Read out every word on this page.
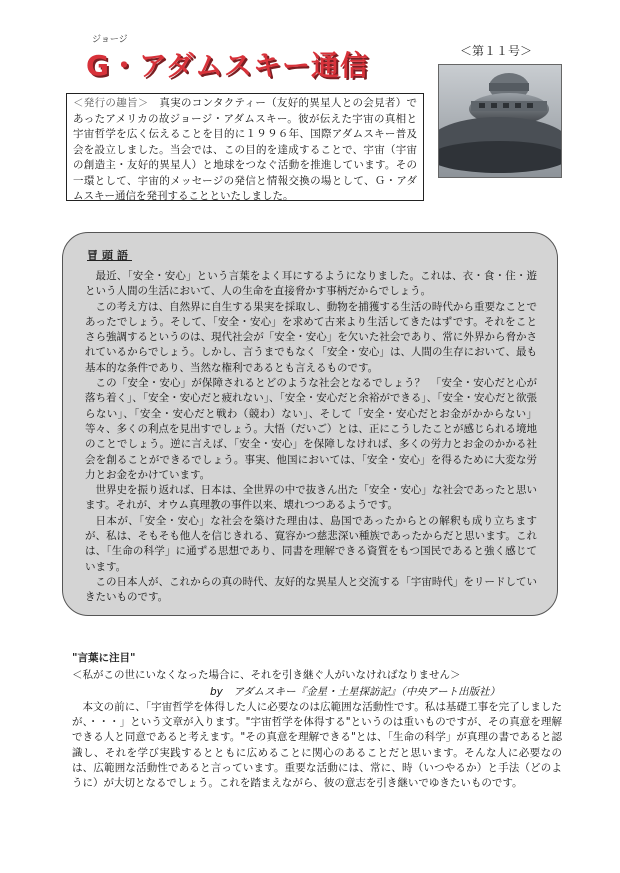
ジョージ
G・アダムスキー通信	＜第１１号＞
＜発行の趣旨＞　真実のコンタクティー（友好的異星人との会見者）であったアメリカの故ジョージ・アダムスキー。彼が伝えた宇宙の真相と宇宙哲学を広く伝えることを目的に１９９６年、国際アダムスキー普及会を設立しました。当会では、この目的を達成することで、宇宙（宇宙の創造主・友好的異星人）と地球をつなぐ活動を推進しています。その一環として、宇宙的メッセージの発信と情報交換の場として、Ｇ・アダムスキー通信を発刊することといたしました。
冒頭語

最近、「安全・安心」という言葉をよく耳にするようになりました。これは、衣・食・住・遊という人間の生活において、人の生命を直接脅かす事柄だからでしょう。

この考え方は、自然界に自生する果実を採取し、動物を捕獲する生活の時代から重要なことであったでしょう。そして、「安全・安心」を求めて古来より生活してきたはずです。それをことさら強調するというのは、現代社会が「安全・安心」を欠いた社会であり、常に外界から脅かされているからでしょう。しかし、言うまでもなく「安全・安心」は、人間の生存において、最も基本的な条件であり、当然な権利であるとも言えるものです。

この「安全・安心」が保障されるとどのような社会となるでしょう？　「安全・安心だと心が落ち着く」、「安全・安心だと疲れない」、「安全・安心だと余裕ができる」、「安全・安心だと欲張らない」、「安全・安心だと戦わ（競わ）ない」、そして「安全・安心だとお金がかからない」等々、多くの利点を見出すでしょう。大悟（だいご）とは、正にこうしたことが感じられる境地のことでしょう。逆に言えば、「安全・安心」を保障しなければ、多くの労力とお金のかかる社会を創ることができるでしょう。事実、他国においては、「安全・安心」を得るために大変な労力とお金をかけています。

世界史を振り返れば、日本は、全世界の中で抜きん出た「安全・安心」な社会であったと思います。それが、オウム真理教の事件以来、壊れつつあるようです。

日本が、「安全・安心」な社会を築けた理由は、島国であったからとの解釈も成り立ちますが、私は、そもそも他人を信じきれる、寛容かつ慈悲深い種族であったからだと思います。これは、「生命の科学」に通ずる思想であり、同書を理解できる資質をもつ国民であると強く感じています。

この日本人が、これからの真の時代、友好的な異星人と交流する「宇宙時代」をリードしていきたいものです。

"言葉に注目"
＜私がこの世にいなくなった場合に、それを引き継ぐ人がいなければなりません＞
by　アダムスキー『金星・土星探訪記』（中央アート出版社）

本文の前に、「宇宙哲学を体得した人に必要なのは広範囲な活動性です。私は基礎工事を完了しましたが、・・・」という文章が入ります。"宇宙哲学を体得する"というのは重いものですが、その真意を理解できる人と同意であると考えます。"その真意を理解できる"とは、「生命の科学」が真理の書であると認識し、それを学び実践するとともに広めることに関心のあることだと思います。そんな人に必要なのは、広範囲な活動性であると言っています。重要な活動には、常に、時（いつやるか）と手法（どのように）が大切となるでしょう。これを踏まえながら、彼の意志を引き継いでゆきたいものです。
